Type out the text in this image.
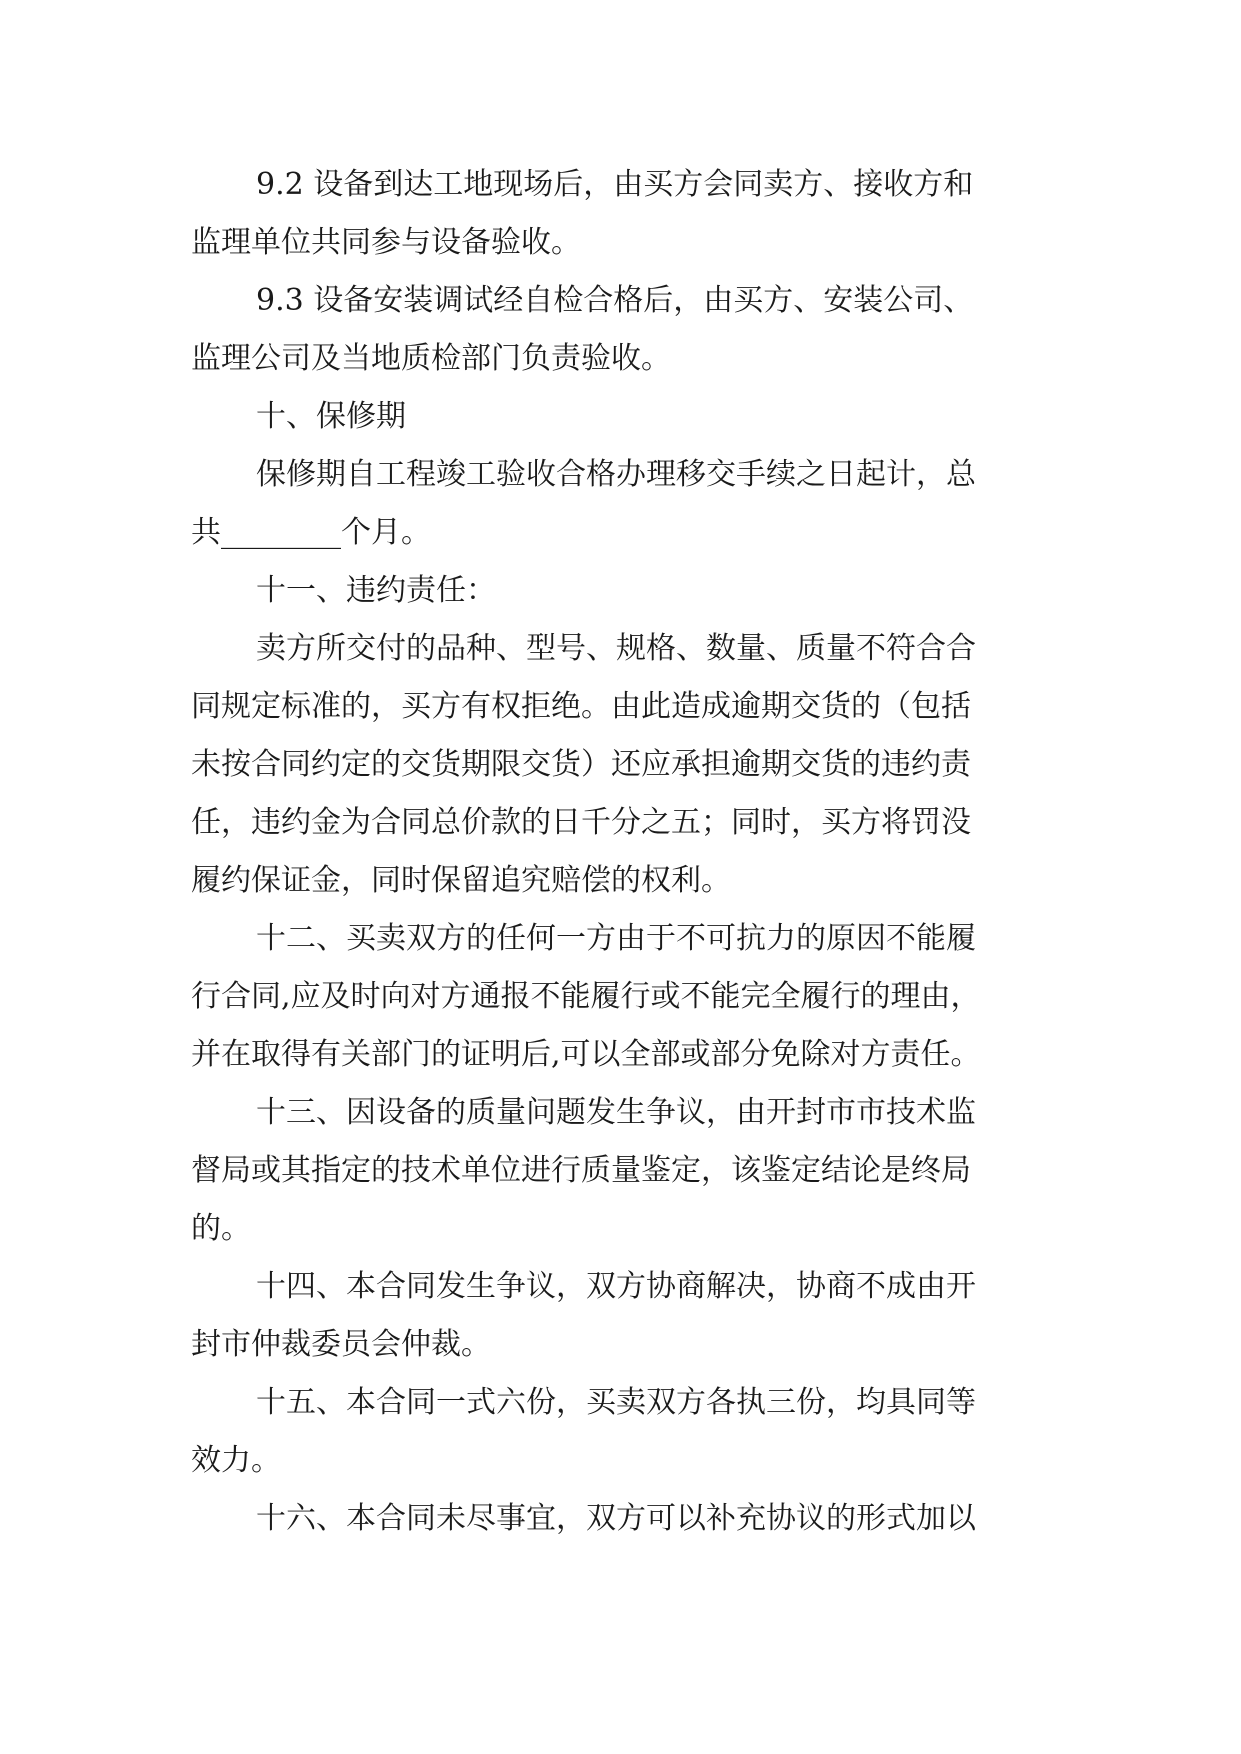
9.2 设备到达工地现场后，由买方会同卖方、接收方和
监理单位共同参与设备验收。
9.3 设备安装调试经自检合格后，由买方、安装公司、
监理公司及当地质检部门负责验收。
十、保修期
保修期自工程竣工验收合格办理移交手续之日起计，总
共________个月。
十一、违约责任：
卖方所交付的品种、型号、规格、数量、质量不符合合
同规定标准的，买方有权拒绝。由此造成逾期交货的（包括
未按合同约定的交货期限交货）还应承担逾期交货的违约责
任，违约金为合同总价款的日千分之五；同时，买方将罚没
履约保证金，同时保留追究赔偿的权利。
十二、买卖双方的任何一方由于不可抗力的原因不能履
行合同,应及时向对方通报不能履行或不能完全履行的理由，
并在取得有关部门的证明后,可以全部或部分免除对方责任。
十三、因设备的质量问题发生争议，由开封市市技术监
督局或其指定的技术单位进行质量鉴定，该鉴定结论是终局
的。
十四、本合同发生争议，双方协商解决，协商不成由开
封市仲裁委员会仲裁。
十五、本合同一式六份，买卖双方各执三份，均具同等
效力。
十六、本合同未尽事宜，双方可以补充协议的形式加以
